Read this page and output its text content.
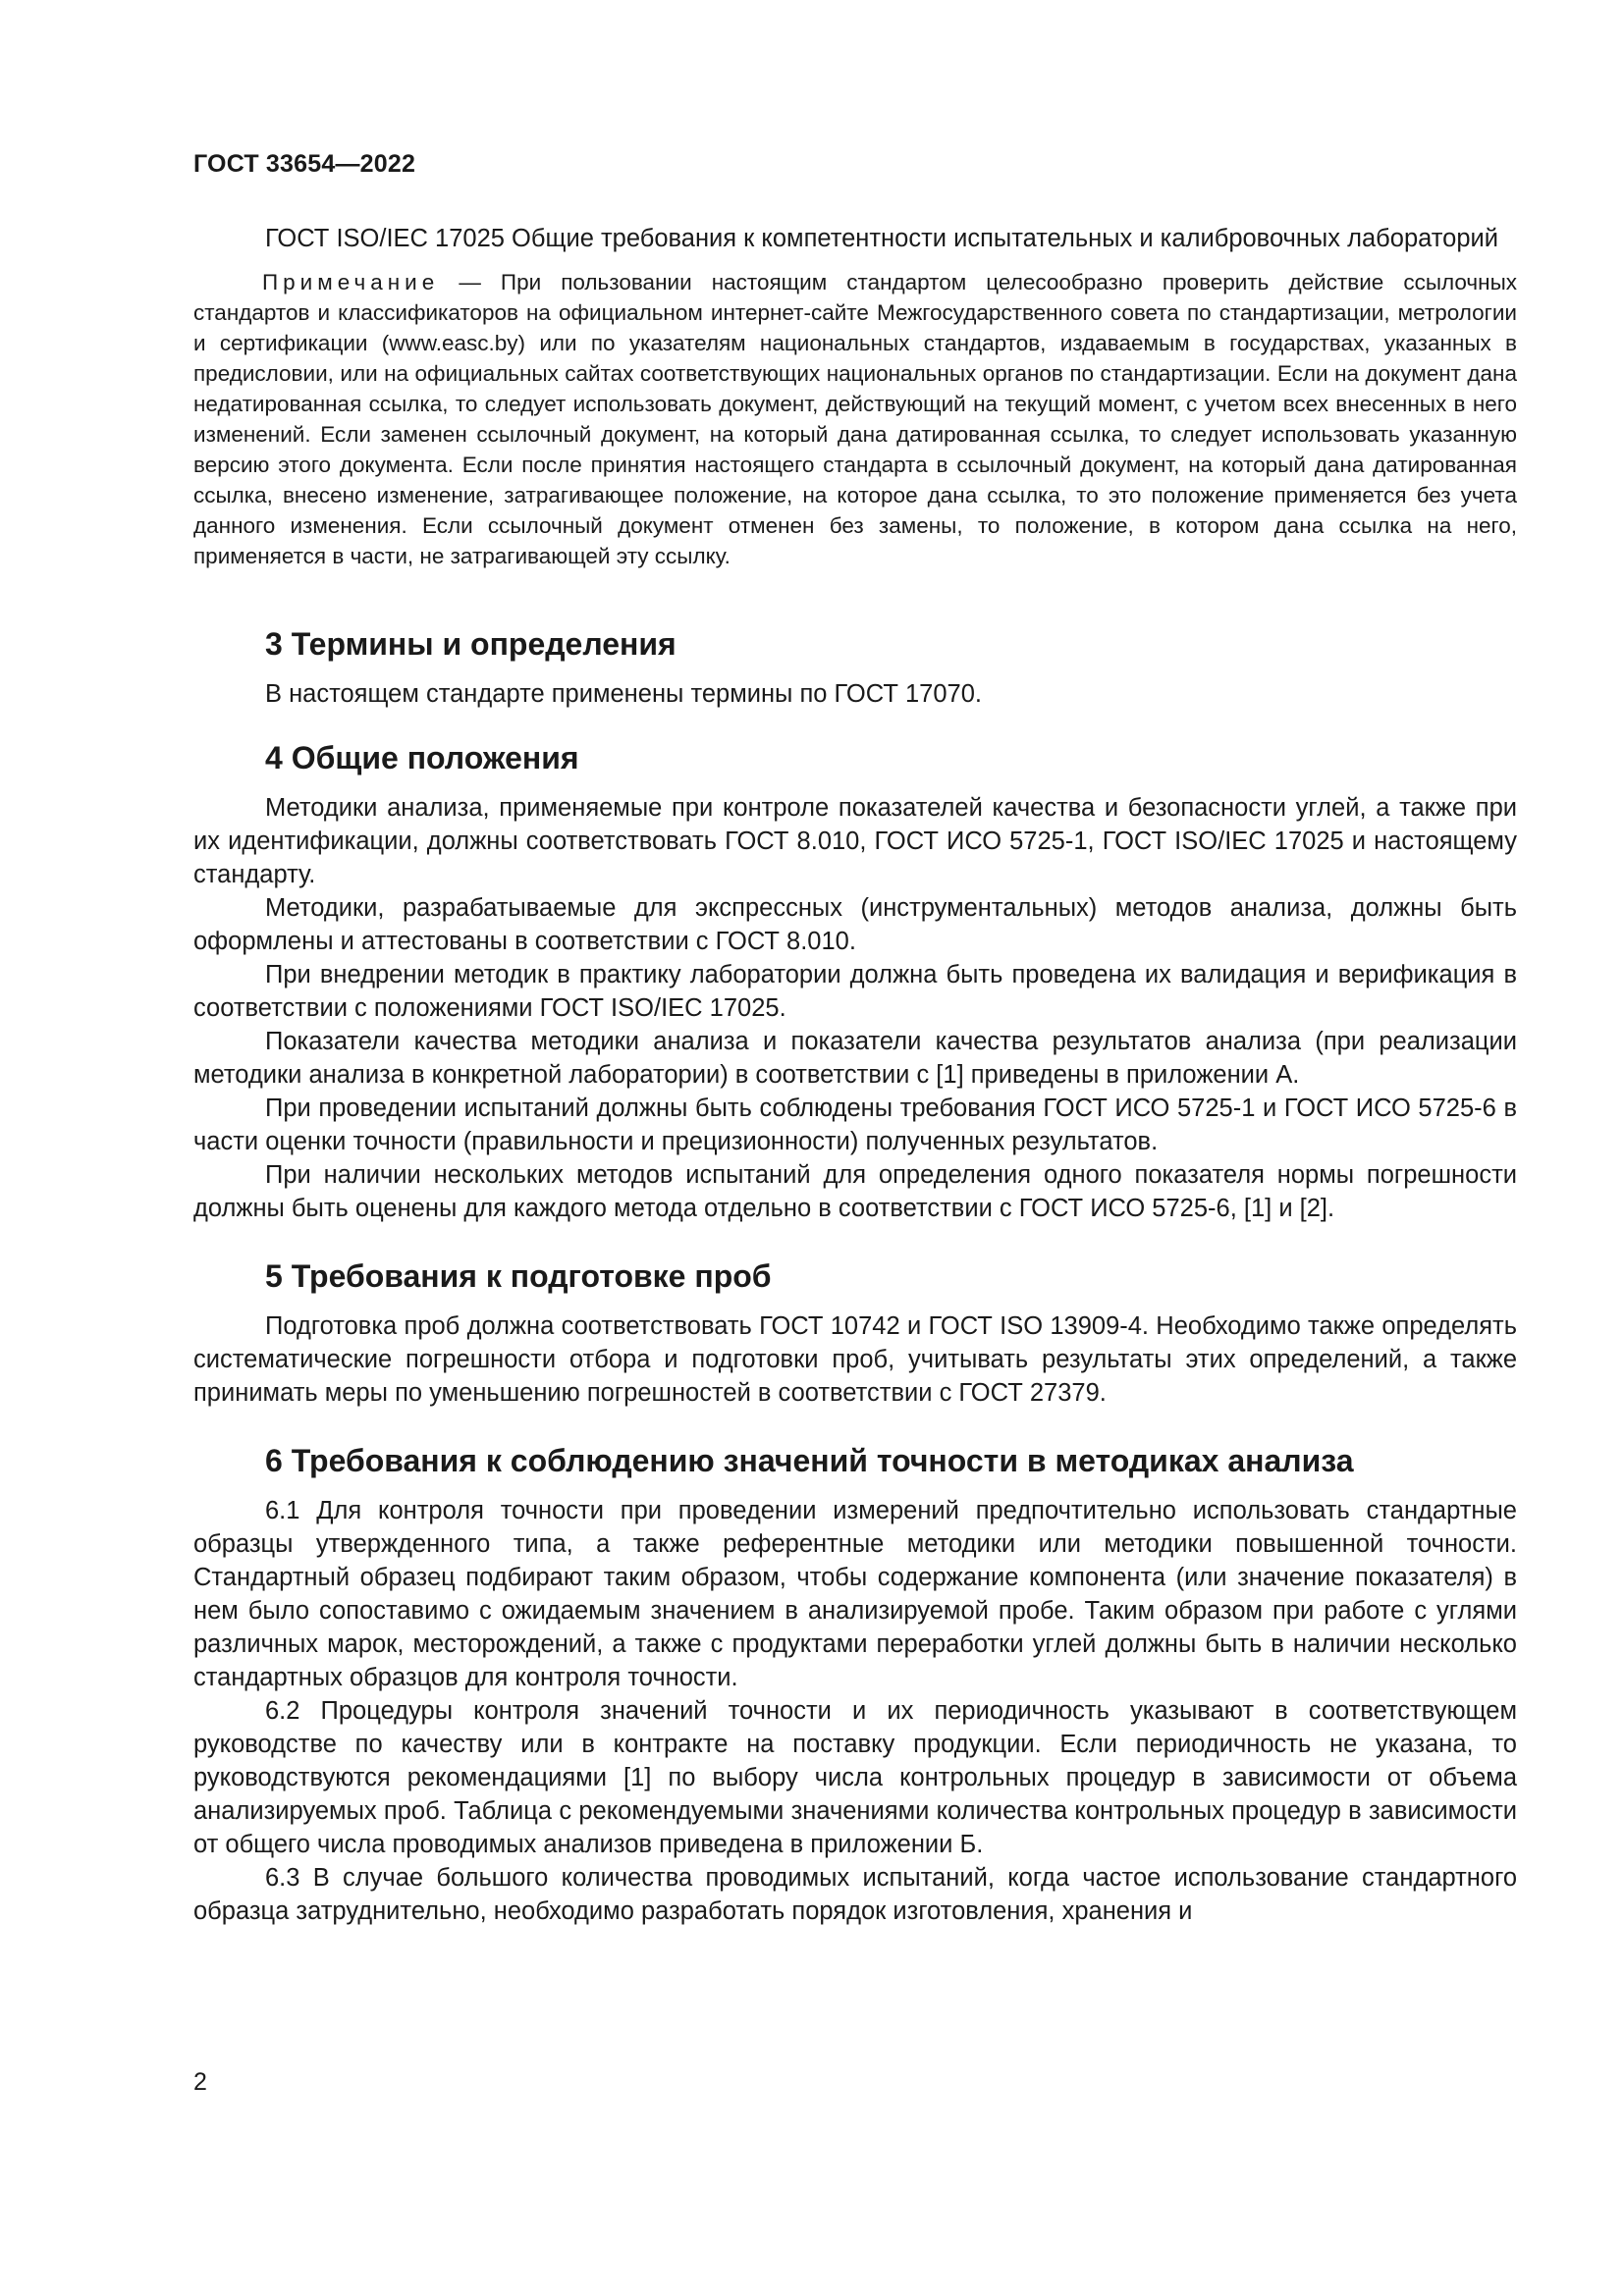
ГОСТ 33654—2022

ГОСТ ISO/IEC 17025 Общие требования к компетентности испытательных и калибровочных лабораторий

Примечание — При пользовании настоящим стандартом целесообразно проверить действие ссылочных стандартов и классификаторов на официальном интернет-сайте Межгосударственного совета по стандартизации, метрологии и сертификации (www.easc.by) или по указателям национальных стандартов, издаваемым в государствах, указанных в предисловии, или на официальных сайтах соответствующих национальных органов по стандартизации. Если на документ дана недатированная ссылка, то следует использовать документ, действующий на текущий момент, с учетом всех внесенных в него изменений. Если заменен ссылочный документ, на который дана датированная ссылка, то следует использовать указанную версию этого документа. Если после принятия настоящего стандарта в ссылочный документ, на который дана датированная ссылка, внесено изменение, затрагивающее положение, на которое дана ссылка, то это положение применяется без учета данного изменения. Если ссылочный документ отменен без замены, то положение, в котором дана ссылка на него, применяется в части, не затрагивающей эту ссылку.

3 Термины и определения

В настоящем стандарте применены термины по ГОСТ 17070.

4 Общие положения

Методики анализа, применяемые при контроле показателей качества и безопасности углей, а также при их идентификации, должны соответствовать ГОСТ 8.010, ГОСТ ИСО 5725-1, ГОСТ ISO/IEC 17025 и настоящему стандарту.

Методики, разрабатываемые для экспрессных (инструментальных) методов анализа, должны быть оформлены и аттестованы в соответствии с ГОСТ 8.010.

При внедрении методик в практику лаборатории должна быть проведена их валидация и верификация в соответствии с положениями ГОСТ ISO/IEC 17025.

Показатели качества методики анализа и показатели качества результатов анализа (при реализации методики анализа в конкретной лаборатории) в соответствии с [1] приведены в приложении А.

При проведении испытаний должны быть соблюдены требования ГОСТ ИСО 5725-1 и ГОСТ ИСО 5725-6 в части оценки точности (правильности и прецизионности) полученных результатов.

При наличии нескольких методов испытаний для определения одного показателя нормы погрешности должны быть оценены для каждого метода отдельно в соответствии с ГОСТ ИСО 5725-6, [1] и [2].

5 Требования к подготовке проб

Подготовка проб должна соответствовать ГОСТ 10742 и ГОСТ ISO 13909-4. Необходимо также определять систематические погрешности отбора и подготовки проб, учитывать результаты этих определений, а также принимать меры по уменьшению погрешностей в соответствии с ГОСТ 27379.

6 Требования к соблюдению значений точности в методиках анализа

6.1 Для контроля точности при проведении измерений предпочтительно использовать стандартные образцы утвержденного типа, а также референтные методики или методики повышенной точности. Стандартный образец подбирают таким образом, чтобы содержание компонента (или значение показателя) в нем было сопоставимо с ожидаемым значением в анализируемой пробе. Таким образом при работе с углями различных марок, месторождений, а также с продуктами переработки углей должны быть в наличии несколько стандартных образцов для контроля точности.

6.2 Процедуры контроля значений точности и их периодичность указывают в соответствующем руководстве по качеству или в контракте на поставку продукции. Если периодичность не указана, то руководствуются рекомендациями [1] по выбору числа контрольных процедур в зависимости от объема анализируемых проб. Таблица с рекомендуемыми значениями количества контрольных процедур в зависимости от общего числа проводимых анализов приведена в приложении Б.

6.3 В случае большого количества проводимых испытаний, когда частое использование стандартного образца затруднительно, необходимо разработать порядок изготовления, хранения и

2
